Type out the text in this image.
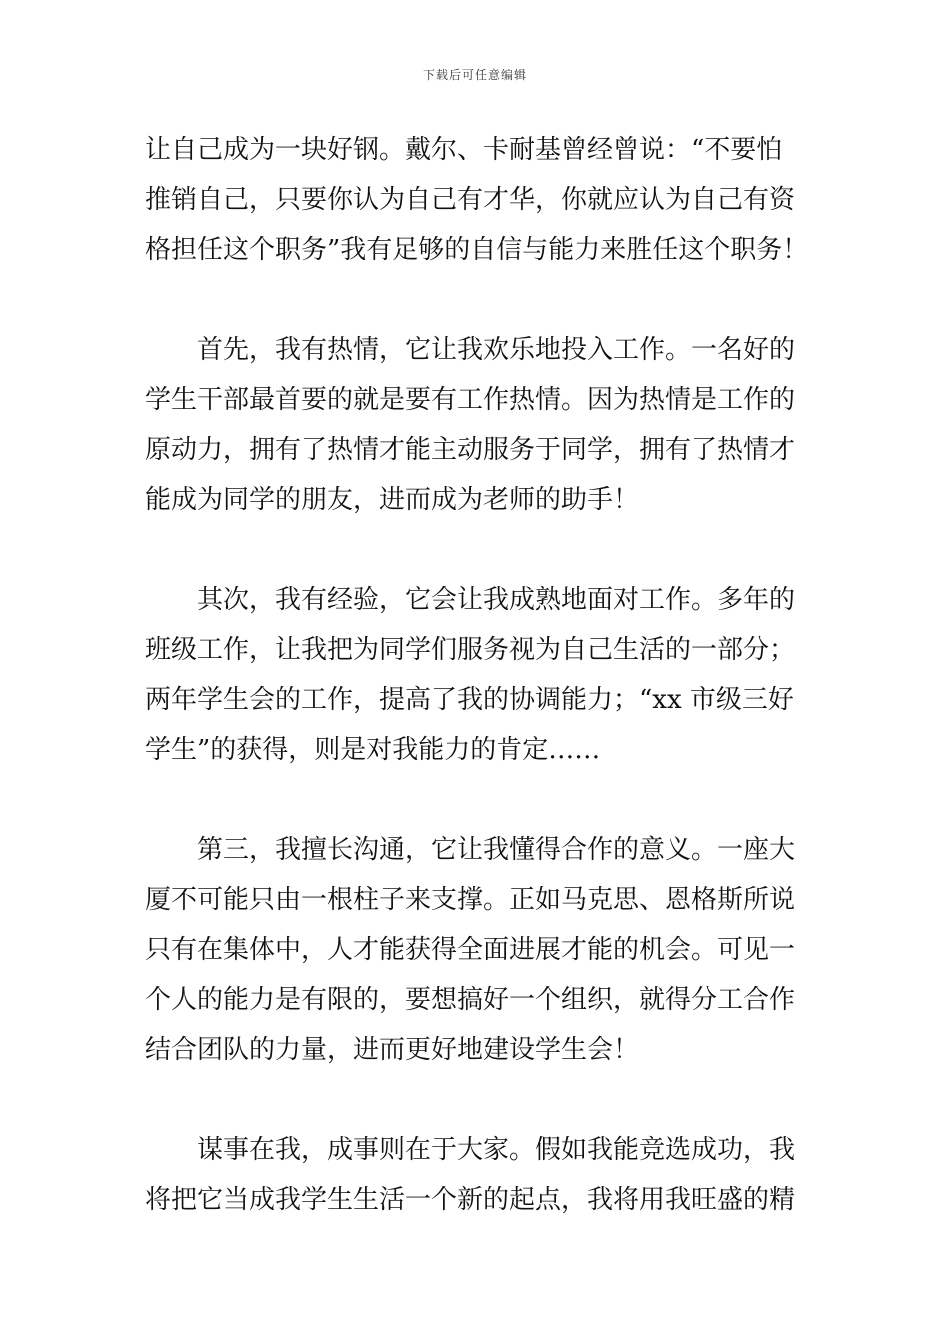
下载后可任意编辑
让自己成为一块好钢。戴尔、卡耐基曾经曾说：“不要怕
推销自己，只要你认为自己有才华，你就应认为自己有资
格担任这个职务”我有足够的自信与能力来胜任这个职务！
首先，我有热情，它让我欢乐地投入工作。一名好的
学生干部最首要的就是要有工作热情。因为热情是工作的
原动力，拥有了热情才能主动服务于同学，拥有了热情才
能成为同学的朋友，进而成为老师的助手！
其次，我有经验，它会让我成熟地面对工作。多年的
班级工作，让我把为同学们服务视为自己生活的一部分；
两年学生会的工作，提高了我的协调能力；“xx 市级三好
学生”的获得，则是对我能力的肯定……
第三，我擅长沟通，它让我懂得合作的意义。一座大
厦不可能只由一根柱子来支撑。正如马克思、恩格斯所说
只有在集体中，人才能获得全面进展才能的机会。可见一
个人的能力是有限的，要想搞好一个组织，就得分工合作
结合团队的力量，进而更好地建设学生会！
谋事在我，成事则在于大家。假如我能竞选成功，我
将把它当成我学生生活一个新的起点，我将用我旺盛的精
